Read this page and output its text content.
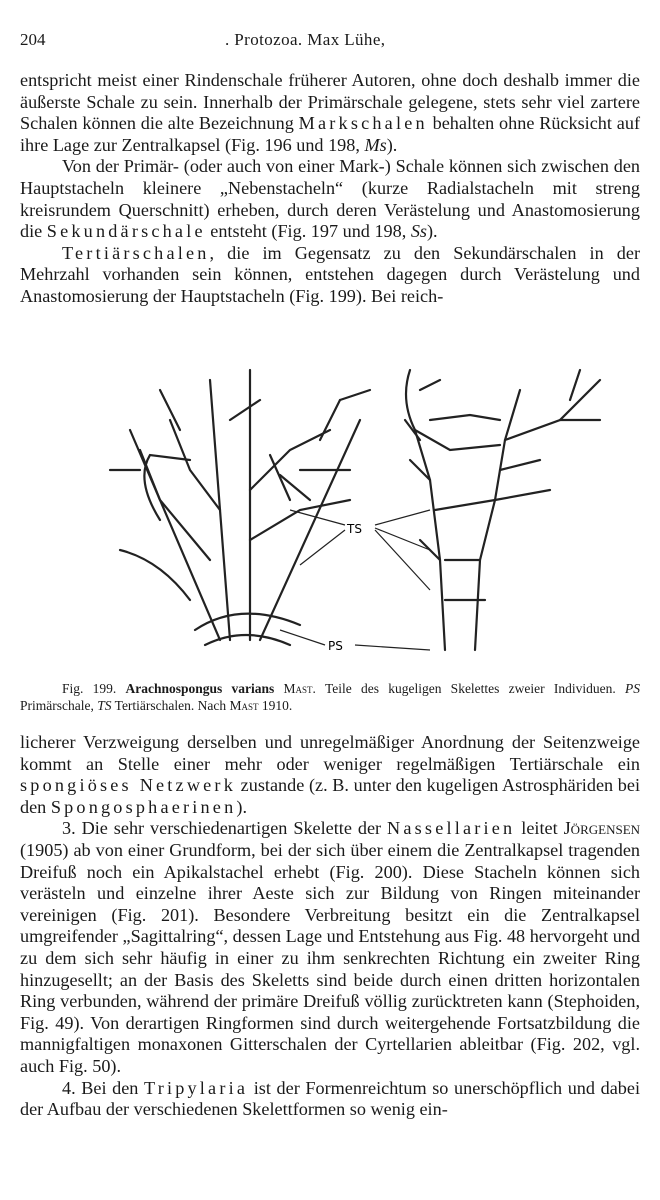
204	. Protozoa. Max Lühe,

entspricht meist einer Rindenschale früherer Autoren, ohne doch deshalb immer die äußerste Schale zu sein. Innerhalb der Primärschale gelegene, stets sehr viel zartere Schalen können die alte Bezeichnung Markschalen behalten ohne Rücksicht auf ihre Lage zur Zentralkapsel (Fig. 196 und 198, Ms).

Von der Primär- (oder auch von einer Mark-) Schale können sich zwischen den Hauptstacheln kleinere „Nebenstacheln“ (kurze Radialstacheln mit streng kreisrundem Querschnitt) erheben, durch deren Verästelung und Anastomosierung die Sekundärschale entsteht (Fig. 197 und 198, Ss).

Tertiärschalen, die im Gegensatz zu den Sekundärschalen in der Mehrzahl vorhanden sein können, entstehen dagegen durch Verästelung und Anastomosierung der Hauptstacheln (Fig. 199). Bei reich-

TS
PS

Fig. 199. Arachnospongus varians Mast. Teile des kugeligen Skelettes zweier Individuen. PS Primärschale, TS Tertiärschalen. Nach Mast 1910.

licherer Verzweigung derselben und unregelmäßiger Anordnung der Seitenzweige kommt an Stelle einer mehr oder weniger regelmäßigen Tertiärschale ein spongiöses Netzwerk zustande (z. B. unter den kugeligen Astrosphäriden bei den Spongosphaerinen).

3. Die sehr verschiedenartigen Skelette der Nassellarien leitet Jörgensen (1905) ab von einer Grundform, bei der sich über einem die Zentralkapsel tragenden Dreifuß noch ein Apikalstachel erhebt (Fig. 200). Diese Stacheln können sich verästeln und einzelne ihrer Aeste sich zur Bildung von Ringen miteinander vereinigen (Fig. 201). Besondere Verbreitung besitzt ein die Zentralkapsel umgreifender „Sagittalring“, dessen Lage und Entstehung aus Fig. 48 hervorgeht und zu dem sich sehr häufig in einer zu ihm senkrechten Richtung ein zweiter Ring hinzugesellt; an der Basis des Skeletts sind beide durch einen dritten horizontalen Ring verbunden, während der primäre Dreifuß völlig zurücktreten kann (Stephoiden, Fig. 49). Von derartigen Ringformen sind durch weitergehende Fortsatzbildung die mannigfaltigen monaxonen Gitterschalen der Cyrtellarien ableitbar (Fig. 202, vgl. auch Fig. 50).

4. Bei den Tripylaria ist der Formenreichtum so unerschöpflich und dabei der Aufbau der verschiedenen Skelettformen so wenig ein-
